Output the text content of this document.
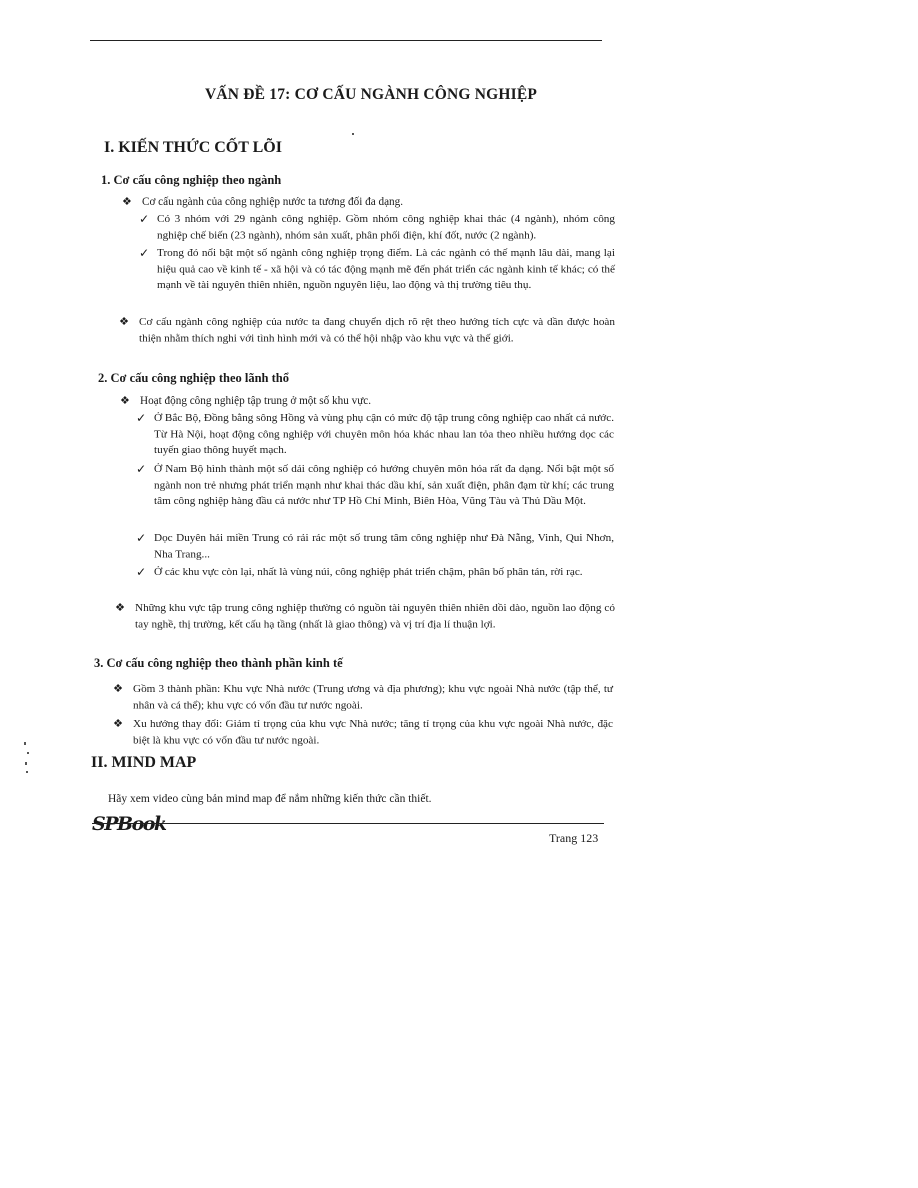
VẤN ĐỀ 17: CƠ CẤU NGÀNH CÔNG NGHIỆP
I. KIẾN THỨC CỐT LÕI
1. Cơ cấu công nghiệp theo ngành
❖ Cơ cấu ngành của công nghiệp nước ta tương đối đa dạng.
✓ Có 3 nhóm với 29 ngành công nghiệp. Gồm nhóm công nghiệp khai thác (4 ngành), nhóm công nghiệp chế biến (23 ngành), nhóm sản xuất, phân phối điện, khí đốt, nước (2 ngành).
✓ Trong đó nổi bật một số ngành công nghiệp trọng điểm. Là các ngành có thế mạnh lâu dài, mang lại hiệu quả cao về kinh tế - xã hội và có tác động mạnh mẽ đến phát triển các ngành kinh tế khác; có thế mạnh về tài nguyên thiên nhiên, nguồn nguyên liệu, lao động và thị trường tiêu thụ.
❖ Cơ cấu ngành công nghiệp của nước ta đang chuyển dịch rõ rệt theo hướng tích cực và dần được hoàn thiện nhằm thích nghi với tình hình mới và có thể hội nhập vào khu vực và thế giới.
2. Cơ cấu công nghiệp theo lãnh thổ
❖ Hoạt động công nghiệp tập trung ở một số khu vực.
✓ Ở Bắc Bộ, Đồng bằng sông Hồng và vùng phụ cận có mức độ tập trung công nghiệp cao nhất cả nước. Từ Hà Nội, hoạt động công nghiệp với chuyên môn hóa khác nhau lan tỏa theo nhiều hướng dọc các tuyến giao thông huyết mạch.
✓ Ở Nam Bộ hình thành một số dải công nghiệp có hướng chuyên môn hóa rất đa dạng. Nổi bật một số ngành non trẻ nhưng phát triển mạnh như khai thác dầu khí, sản xuất điện, phân đạm từ khí; các trung tâm công nghiệp hàng đầu cả nước như TP Hồ Chí Minh, Biên Hòa, Vũng Tàu và Thủ Dầu Một.
✓ Dọc Duyên hải miền Trung có rải rác một số trung tâm công nghiệp như Đà Nẵng, Vinh, Qui Nhơn, Nha Trang...
✓ Ở các khu vực còn lại, nhất là vùng núi, công nghiệp phát triển chậm, phân bố phân tán, rời rạc.
❖ Những khu vực tập trung công nghiệp thường có nguồn tài nguyên thiên nhiên dồi dào, nguồn lao động có tay nghề, thị trường, kết cấu hạ tầng (nhất là giao thông) và vị trí địa lí thuận lợi.
3. Cơ cấu công nghiệp theo thành phần kinh tế
❖ Gồm 3 thành phần: Khu vực Nhà nước (Trung ương và địa phương); khu vực ngoài Nhà nước (tập thể, tư nhân và cá thể); khu vực có vốn đầu tư nước ngoài.
❖ Xu hướng thay đổi: Giảm tỉ trọng của khu vực Nhà nước; tăng tỉ trọng của khu vực ngoài Nhà nước, đặc biệt là khu vực có vốn đầu tư nước ngoài.
II. MIND MAP
Hãy xem video cùng bản mind map để nắm những kiến thức cần thiết.
SPBook
Trang 123
